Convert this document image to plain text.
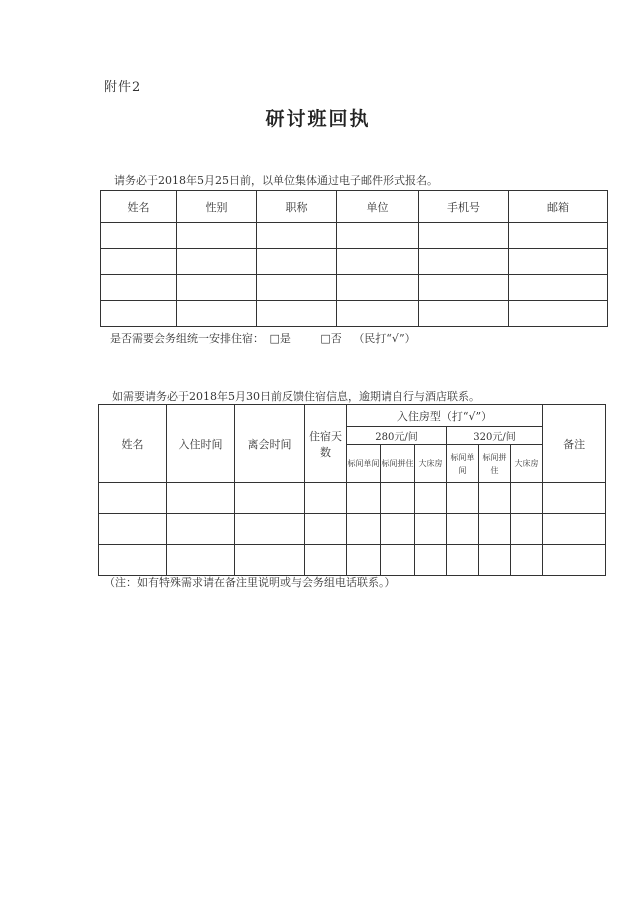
附件2
研讨班回执
请务必于2018年5月25日前，以单位集体通过电子邮件形式报名。
姓名	性别	职称	单位	手机号	邮箱

是否需要会务组统一安排住宿： □是	□否 （民打“√”）
如需要请务必于2018年5月30日前反馈住宿信息，逾期请自行与酒店联系。
姓名	入住时间	离会时间	住宿天数	入住房型（打“√”）						备注
				280元/间			320元/间			
				标间单间	标间拼住	大床房	标间单间	标间拼住	大床房	

（注：如有特殊需求请在备注里说明或与会务组电话联系。）
